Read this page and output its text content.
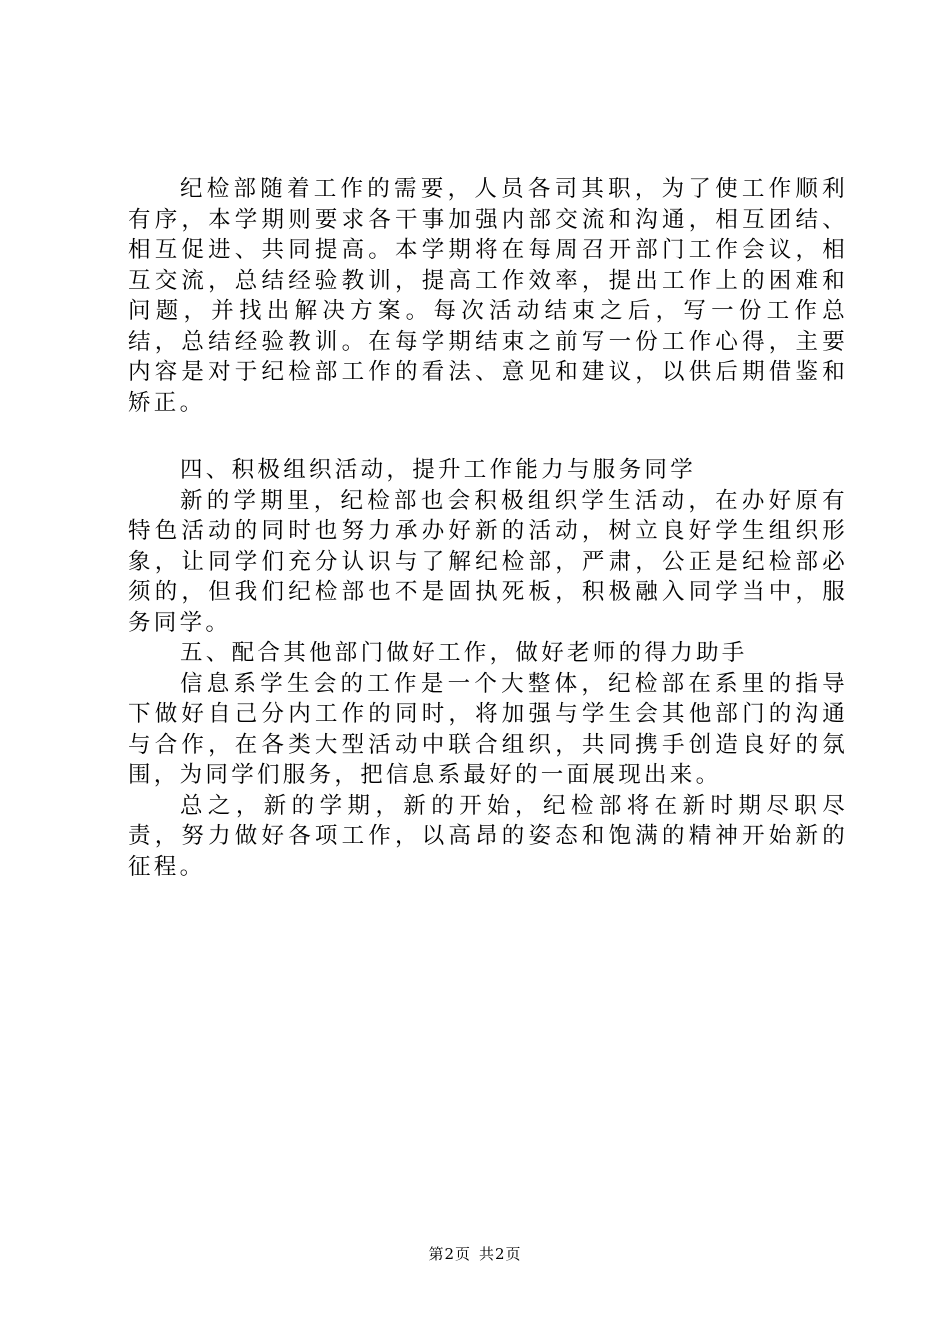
纪检部随着工作的需要，人员各司其职，为了使工作顺利有序，本学期则要求各干事加强内部交流和沟通，相互团结、相互促进、共同提高。本学期将在每周召开部门工作会议，相互交流，总结经验教训，提高工作效率，提出工作上的困难和问题，并找出解决方案。每次活动结束之后，写一份工作总结，总结经验教训。在每学期结束之前写一份工作心得，主要内容是对于纪检部工作的看法、意见和建议，以供后期借鉴和矫正。

四、积极组织活动，提升工作能力与服务同学

新的学期里，纪检部也会积极组织学生活动，在办好原有特色活动的同时也努力承办好新的活动，树立良好学生组织形象，让同学们充分认识与了解纪检部，严肃，公正是纪检部必须的，但我们纪检部也不是固执死板，积极融入同学当中，服务同学。

五、配合其他部门做好工作，做好老师的得力助手

信息系学生会的工作是一个大整体，纪检部在系里的指导下做好自己分内工作的同时，将加强与学生会其他部门的沟通与合作，在各类大型活动中联合组织，共同携手创造良好的氛围，为同学们服务，把信息系最好的一面展现出来。

总之，新的学期，新的开始，纪检部将在新时期尽职尽责，努力做好各项工作，以高昂的姿态和饱满的精神开始新的征程。

第2页 共2页
